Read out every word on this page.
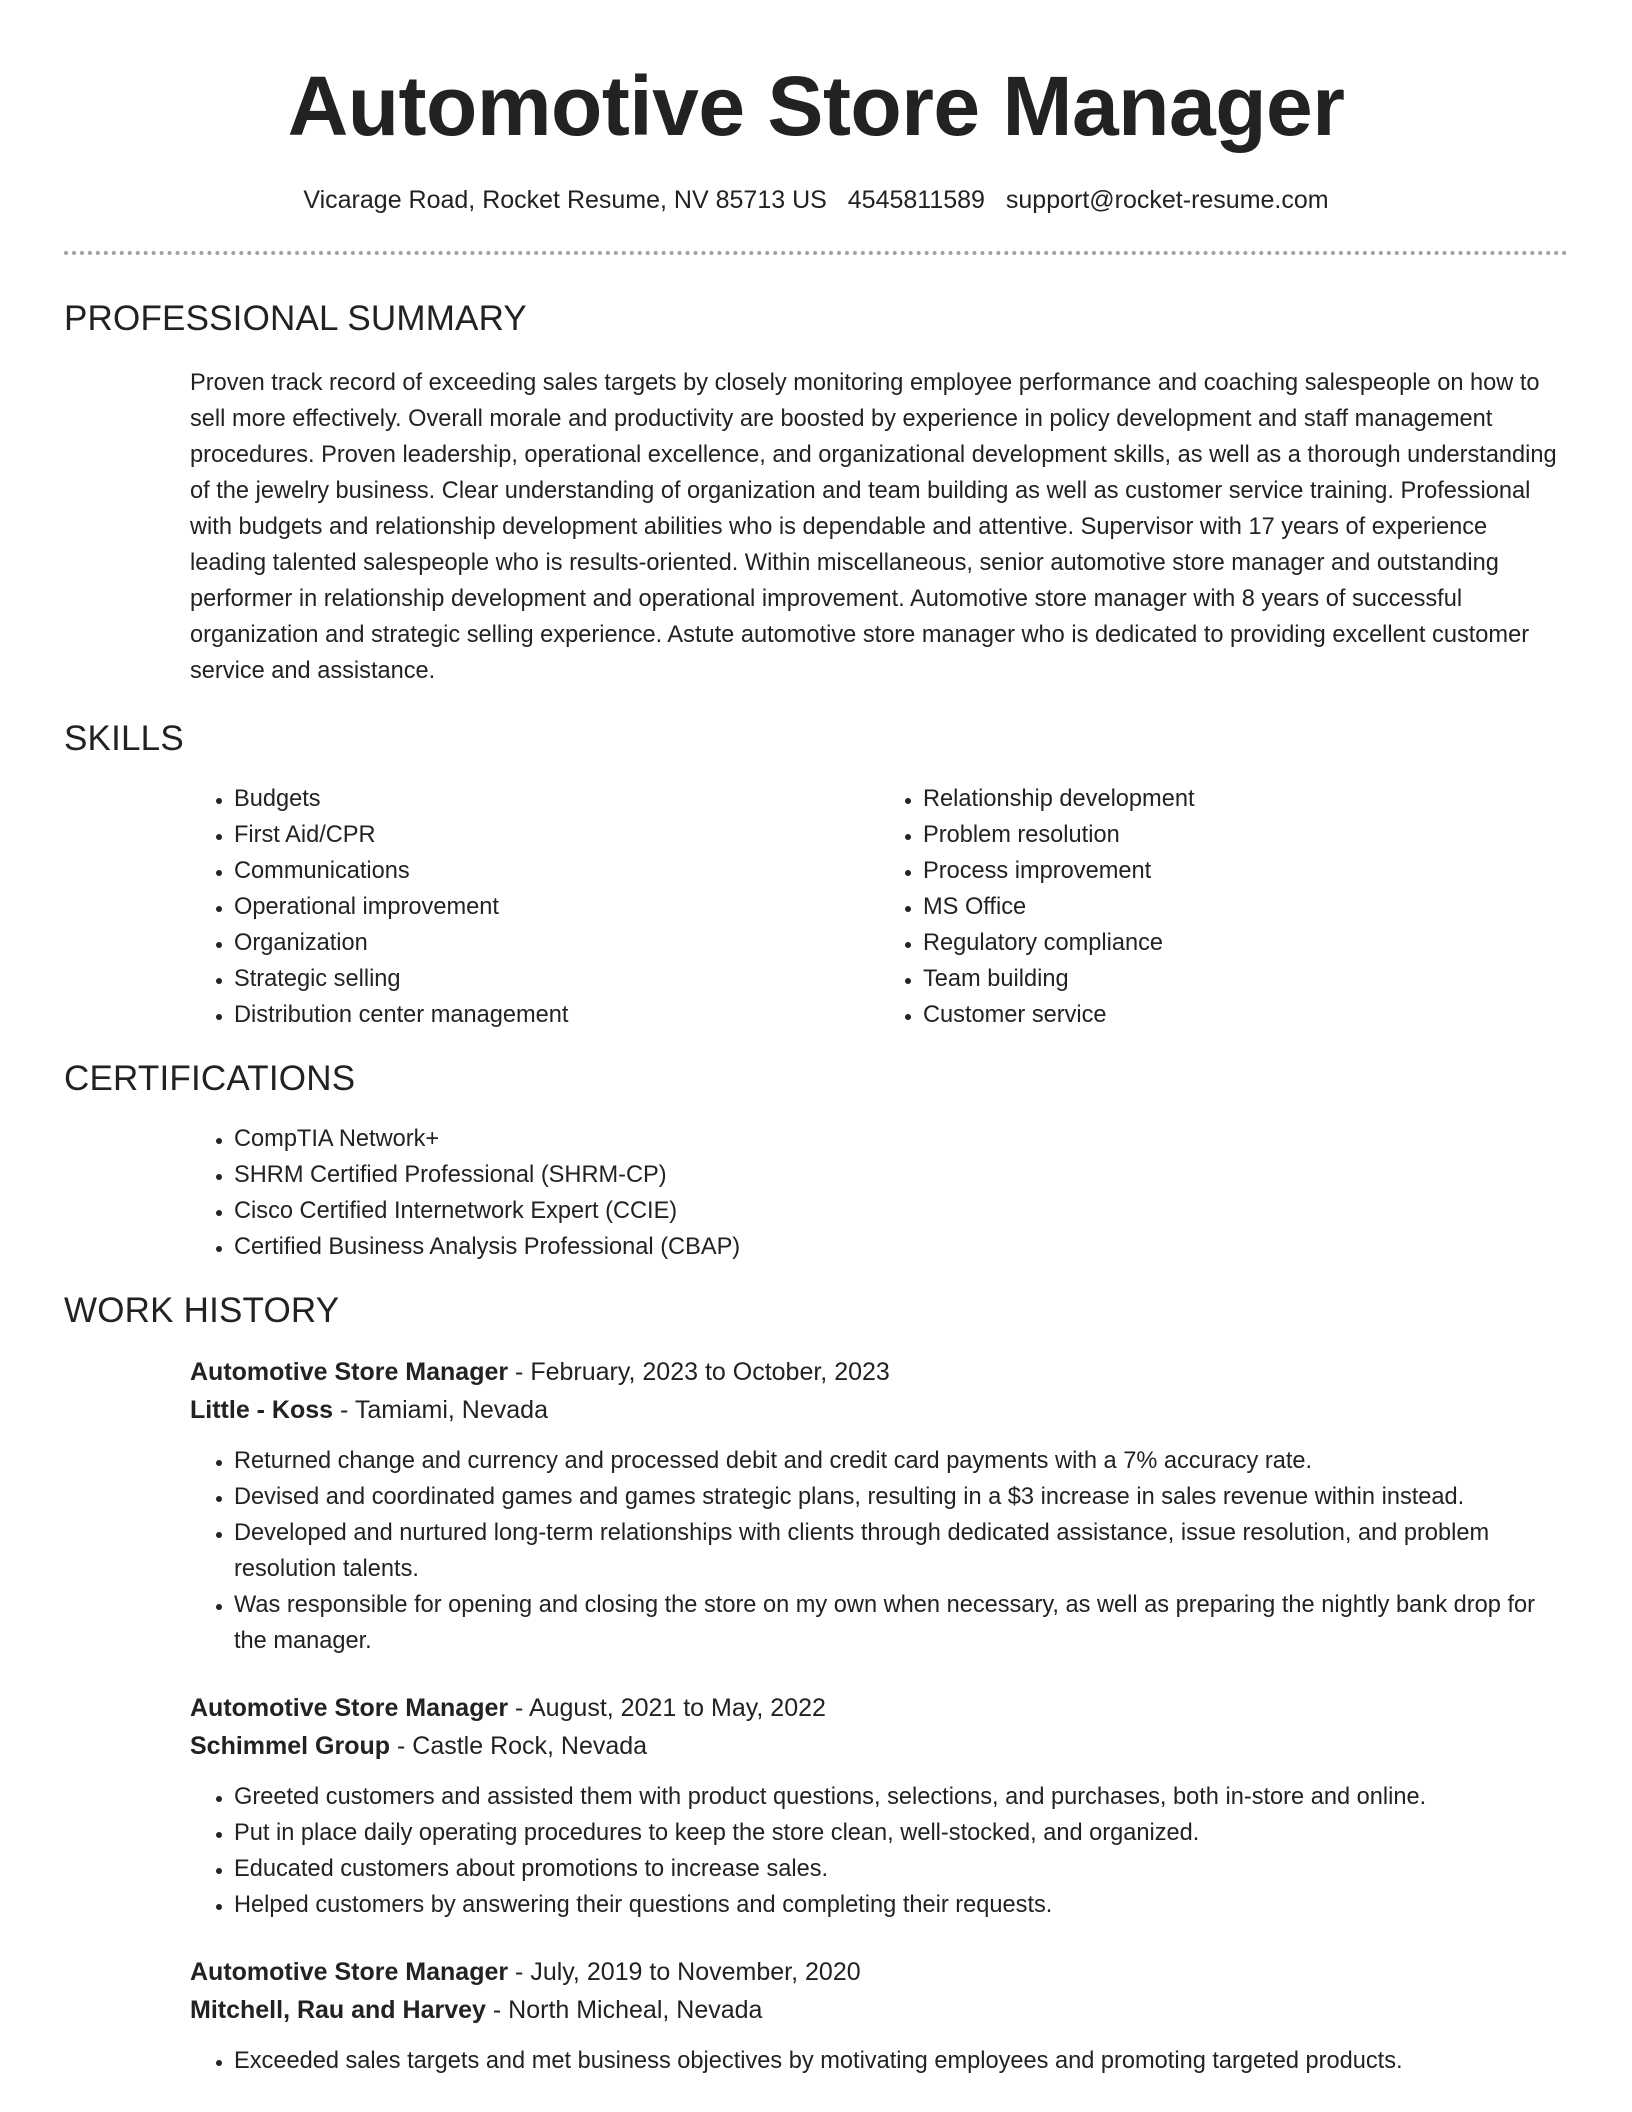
Automotive Store Manager
Vicarage Road, Rocket Resume, NV 85713 US 4545811589 support@rocket-resume.com
PROFESSIONAL SUMMARY

Proven track record of exceeding sales targets by closely monitoring employee performance and coaching salespeople on how to sell more effectively. Overall morale and productivity are boosted by experience in policy development and staff management procedures. Proven leadership, operational excellence, and organizational development skills, as well as a thorough understanding of the jewelry business. Clear understanding of organization and team building as well as customer service training. Professional with budgets and relationship development abilities who is dependable and attentive. Supervisor with 17 years of experience leading talented salespeople who is results-oriented. Within miscellaneous, senior automotive store manager and outstanding performer in relationship development and operational improvement. Automotive store manager with 8 years of successful organization and strategic selling experience. Astute automotive store manager who is dedicated to providing excellent customer service and assistance.

SKILLS
• Budgets
• First Aid/CPR
• Communications
• Operational improvement
• Organization
• Strategic selling
• Distribution center management
• Relationship development
• Problem resolution
• Process improvement
• MS Office
• Regulatory compliance
• Team building
• Customer service
CERTIFICATIONS
• CompTIA Network+
• SHRM Certified Professional (SHRM-CP)
• Cisco Certified Internetwork Expert (CCIE)
• Certified Business Analysis Professional (CBAP)
WORK HISTORY
Automotive Store Manager - February, 2023 to October, 2023
Little - Koss - Tamiami, Nevada
• Returned change and currency and processed debit and credit card payments with a 7% accuracy rate.
• Devised and coordinated games and games strategic plans, resulting in a $3 increase in sales revenue within instead.
• Developed and nurtured long-term relationships with clients through dedicated assistance, issue resolution, and problem resolution talents.
• Was responsible for opening and closing the store on my own when necessary, as well as preparing the nightly bank drop for the manager.
Automotive Store Manager - August, 2021 to May, 2022
Schimmel Group - Castle Rock, Nevada
• Greeted customers and assisted them with product questions, selections, and purchases, both in-store and online.
• Put in place daily operating procedures to keep the store clean, well-stocked, and organized.
• Educated customers about promotions to increase sales.
• Helped customers by answering their questions and completing their requests.
Automotive Store Manager - July, 2019 to November, 2020
Mitchell, Rau and Harvey - North Micheal, Nevada
• Exceeded sales targets and met business objectives by motivating employees and promoting targeted products.
